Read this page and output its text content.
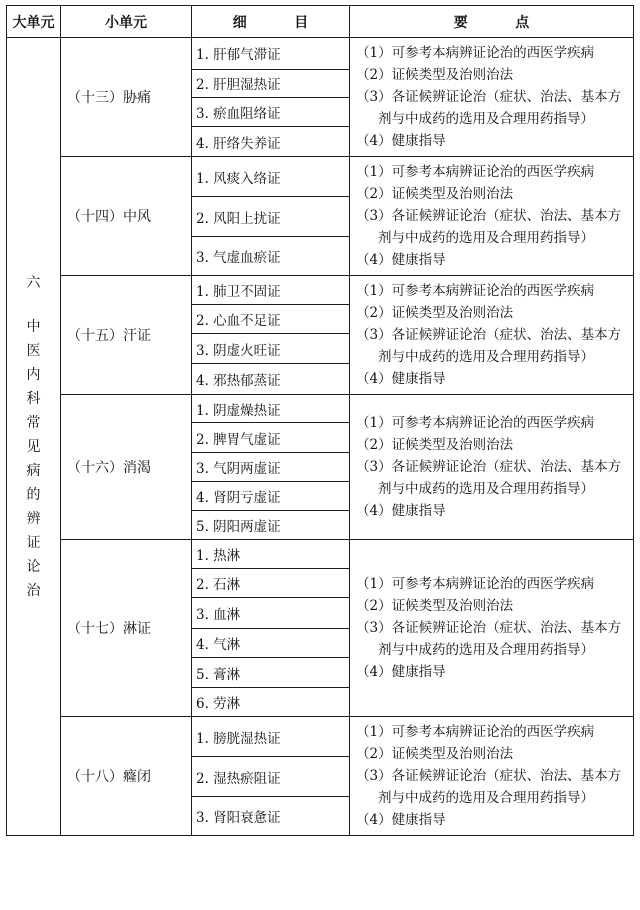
大单元	小单元	细　目	要　点

六
中医内科常见病的辨证论治	（十三）胁痛	1. 肝郁气滞证	（1）可参考本病辨证论治的西医学疾病
（2）证候类型及治则治法
（3）各证候辨证论治（症状、治法、基本方剂与中成药的选用及合理用药指导）
（4）健康指导

		2. 肝胆湿热证	
		3. 瘀血阻络证	
		4. 肝络失养证	
	（十四）中风	1. 风痰入络证	（1）可参考本病辨证论治的西医学疾病
（2）证候类型及治则治法
（3）各证候辨证论治（症状、治法、基本方剂与中成药的选用及合理用药指导）
（4）健康指导

		2. 风阳上扰证	
		3. 气虚血瘀证	
	（十五）汗证	1. 肺卫不固证	（1）可参考本病辨证论治的西医学疾病
（2）证候类型及治则治法
（3）各证候辨证论治（症状、治法、基本方剂与中成药的选用及合理用药指导）
（4）健康指导

		2. 心血不足证	
		3. 阴虚火旺证	
		4. 邪热郁蒸证	
	（十六）消渴	1. 阴虚燥热证	（1）可参考本病辨证论治的西医学疾病
（2）证候类型及治则治法
（3）各证候辨证论治（症状、治法、基本方剂与中成药的选用及合理用药指导）
（4）健康指导

		2. 脾胃气虚证	
		3. 气阴两虚证	
		4. 肾阴亏虚证	
		5. 阴阳两虚证	
	（十七）淋证	1. 热淋	（1）可参考本病辨证论治的西医学疾病
（2）证候类型及治则治法
（3）各证候辨证论治（症状、治法、基本方剂与中成药的选用及合理用药指导）
（4）健康指导

		2. 石淋	
		3. 血淋	
		4. 气淋	
		5. 膏淋	
		6. 劳淋	
	（十八）癃闭	1. 膀胱湿热证	（1）可参考本病辨证论治的西医学疾病
（2）证候类型及治则治法
（3）各证候辨证论治（症状、治法、基本方剂与中成药的选用及合理用药指导）
（4）健康指导

		2. 湿热瘀阻证	
		3. 肾阳衰惫证	
